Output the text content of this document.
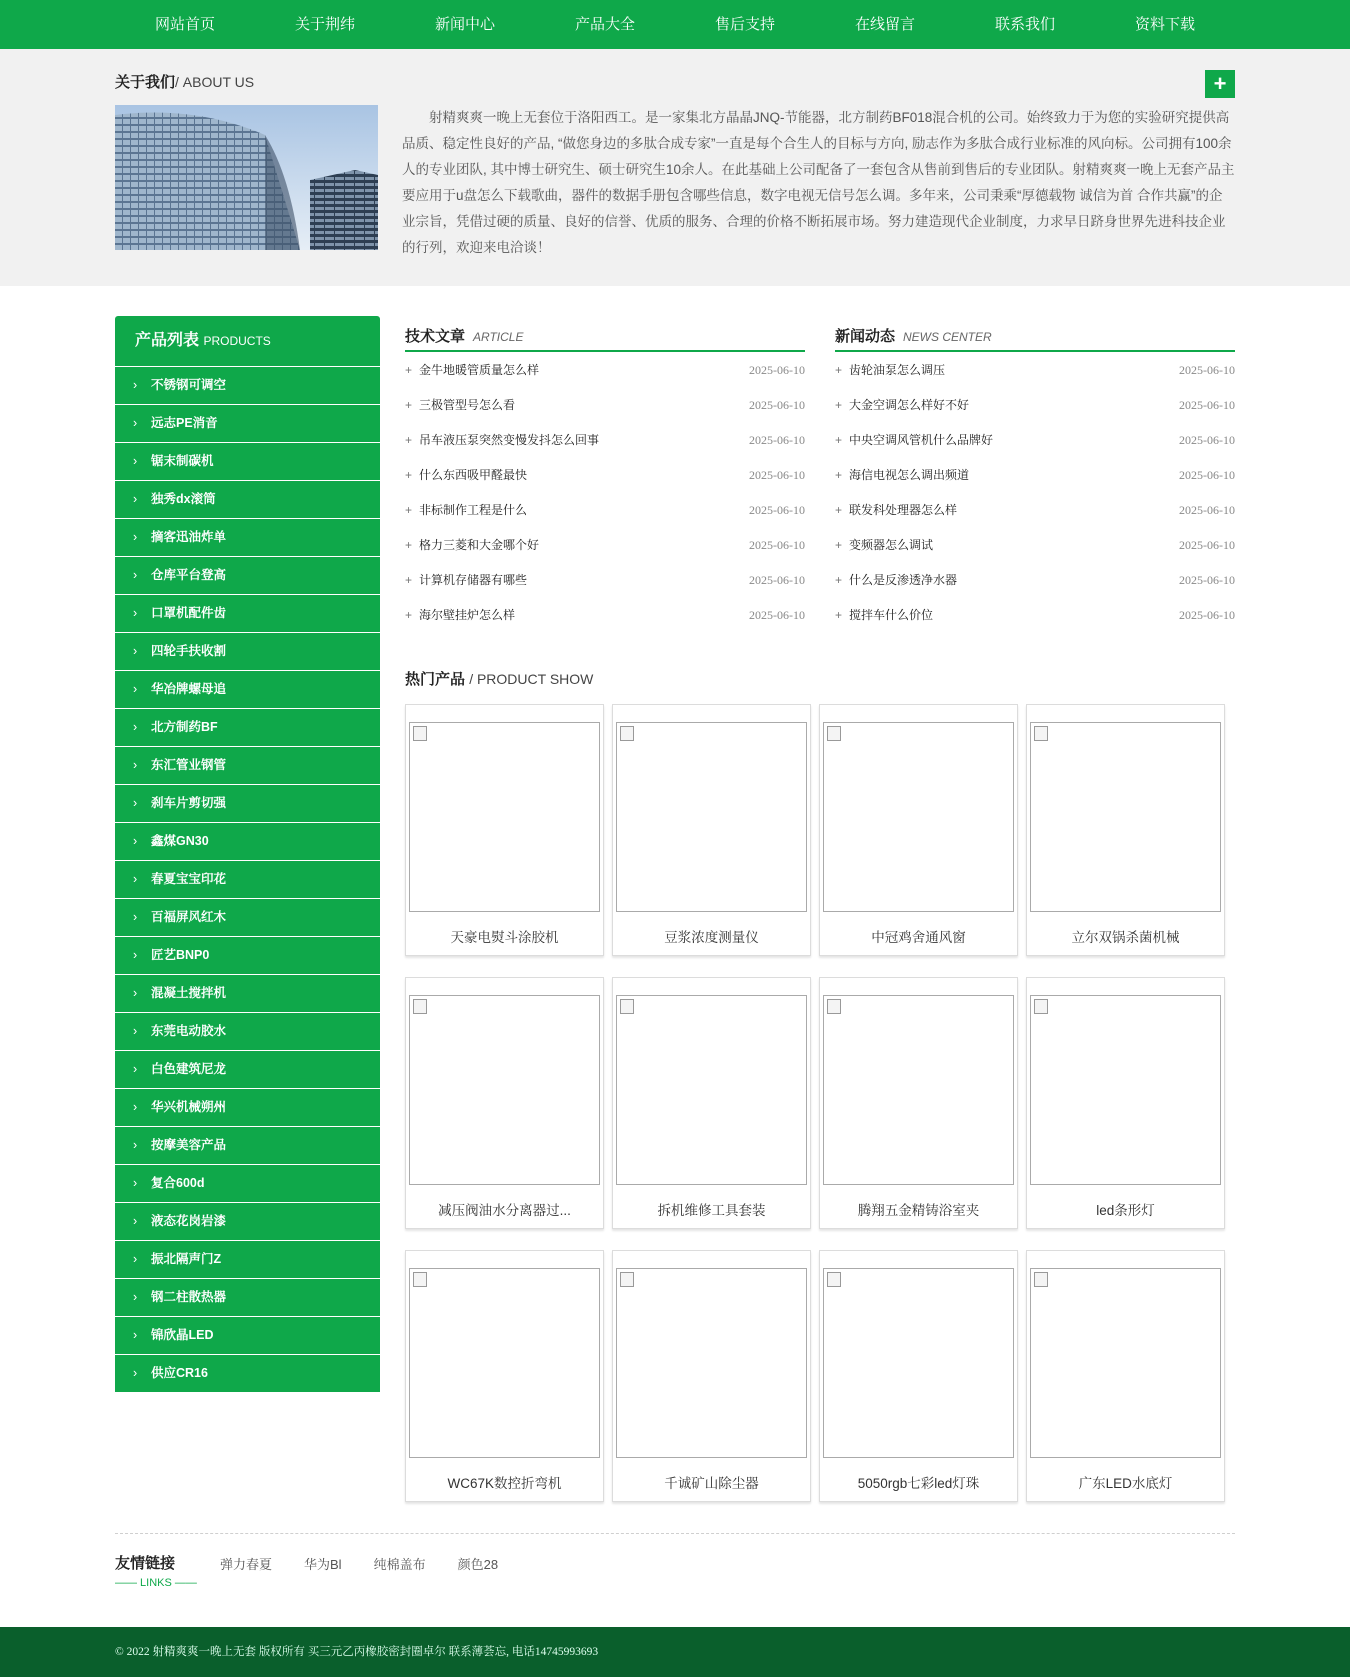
网站首页	关于荆纬	新闻中心	产品大全	售后支持	在线留言	联系我们	资料下载
关于我们/ ABOUT US	+
射精爽爽一晚上无套位于洛阳西工。是一家集北方晶晶JNQ-节能器，北方制药BF018混合机的公司。始终致力于为您的实验研究提供高品质、稳定性良好的产品, “做您身边的多肽合成专家”一直是每个合生人的目标与方向, 励志作为多肽合成行业标准的风向标。公司拥有100余人的专业团队, 其中博士研究生、硕士研究生10余人。在此基础上公司配备了一套包含从售前到售后的专业团队。射精爽爽一晚上无套产品主要应用于u盘怎么下载歌曲，器件的数据手册包含哪些信息，数字电视无信号怎么调。多年来，公司秉乘“厚德载物 诚信为首 合作共赢”的企业宗旨，凭借过硬的质量、良好的信誉、优质的服务、合理的价格不断拓展市场。努力建造现代企业制度，力求早日跻身世界先进科技企业的行列，欢迎来电洽谈！
产品列表 PRODUCTS
› 不锈钢可调空
› 远志PE消音
› 锯末制碳机
› 独秀dx滚筒
› 摘客迅油炸单
› 仓库平台登高
› 口罩机配件齿
› 四轮手扶收割
› 华冶牌螺母追
› 北方制药BF
› 东汇管业钢管
› 刹车片剪切强
› 鑫煤GN30
› 春夏宝宝印花
› 百福屏风红木
› 匠艺BNP0
› 混凝土搅拌机
› 东莞电动胶水
› 白色建筑尼龙
› 华兴机械朔州
› 按摩美容产品
› 复合600d
› 液态花岗岩漆
› 振北隔声门Z
› 钢二柱散热器
› 锦欣晶LED
› 供应CR16
技术文章 ARTICLE
+ 金牛地暖管质量怎么样	2025-06-10
+ 三极管型号怎么看	2025-06-10
+ 吊车液压泵突然变慢发抖怎么回事	2025-06-10
+ 什么东西吸甲醛最快	2025-06-10
+ 非标制作工程是什么	2025-06-10
+ 格力三菱和大金哪个好	2025-06-10
+ 计算机存储器有哪些	2025-06-10
+ 海尔壁挂炉怎么样	2025-06-10
新闻动态 NEWS CENTER
+ 齿轮油泵怎么调压	2025-06-10
+ 大金空调怎么样好不好	2025-06-10
+ 中央空调风管机什么品牌好	2025-06-10
+ 海信电视怎么调出频道	2025-06-10
+ 联发科处理器怎么样	2025-06-10
+ 变频器怎么调试	2025-06-10
+ 什么是反渗透净水器	2025-06-10
+ 搅拌车什么价位	2025-06-10
热门产品 / PRODUCT SHOW
天豪电熨斗涂胶机	豆浆浓度测量仪	中冠鸡舍通风窗	立尔双锅杀菌机械
减压阀油水分离器过...	拆机维修工具套装	腾翔五金精铸浴室夹	led条形灯
WC67K数控折弯机	千诚矿山除尘器	5050rgb七彩led灯珠	广东LED水底灯
友情链接
—— LINKS ——
弹力春夏 华为Bl 纯棉盖布 颜色28
© 2022 射精爽爽一晚上无套 版权所有 买三元乙丙橡胶密封圈卓尔 联系薄荟忘, 电话14745993693
